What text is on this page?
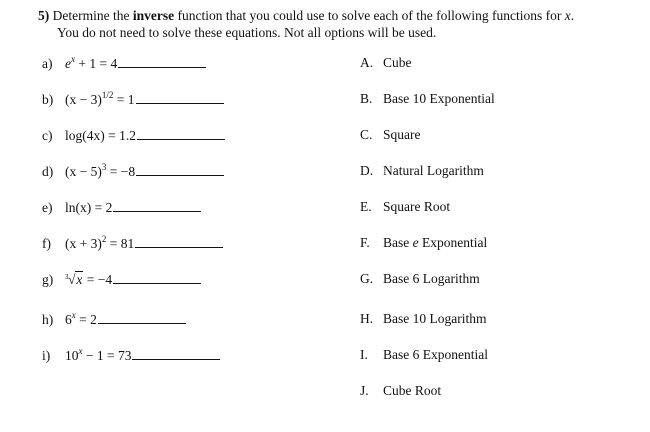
5) Determine the inverse function that you could use to solve each of the following functions for x.
You do not need to solve these equations. Not all options will be used.
a) $e^x + 1 = 4$
b) $(x - 3)^{1/2} = 1$
c) log(4x) = 1.2
d) $(x - 5)^3 = -8$
e) ln(x) = 2
f)	$(x + 3)^2 = 81$
g)	3 √x = −4
h) $6^x = 2$
i)	$10^x - 1 = 73$
A. Cube
B. Base 10 Exponential
C. Square
D. Natural Logarithm
E. Square Root
F. Base e Exponential
G. Base 6 Logarithm
H. Base 10 Logarithm
I. Base 6 Exponential
J. Cube Root
